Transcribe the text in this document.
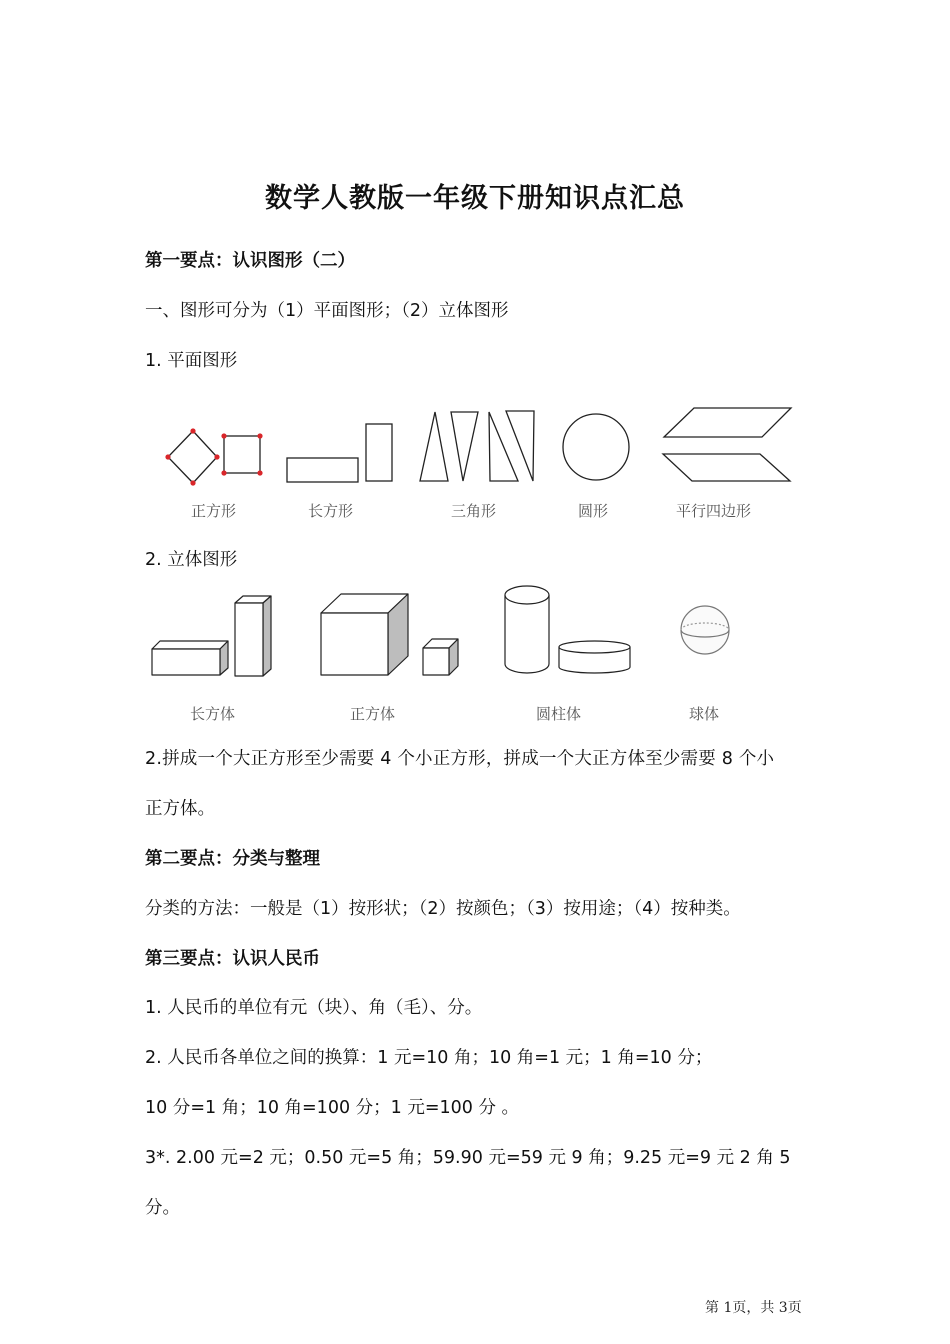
数学人教版一年级下册知识点汇总
第一要点：认识图形（二）
一、图形可分为（1）平面图形；（2）立体图形
1. 平面图形
正方形	长方形	三角形	圆形	平行四边形
2. 立体图形
长方体	正方体	圆柱体	球体
2.拼成一个大正方形至少需要 4 个小正方形，拼成一个大正方体至少需要 8 个小
正方体。
第二要点：分类与整理
分类的方法：一般是（1）按形状；（2）按颜色；（3）按用途；（4）按种类。
第三要点：认识人民币
1. 人民币的单位有元（块）、角（毛）、分。
2. 人民币各单位之间的换算：1 元=10 角；10 角=1 元；1 角=10 分；
10 分=1 角；10 角=100 分；1 元=100 分 。
3*. 2.00 元=2 元；0.50 元=5 角；59.90 元=59 元 9 角；9.25 元=9 元 2 角 5
分。
第 1页，共 3页
